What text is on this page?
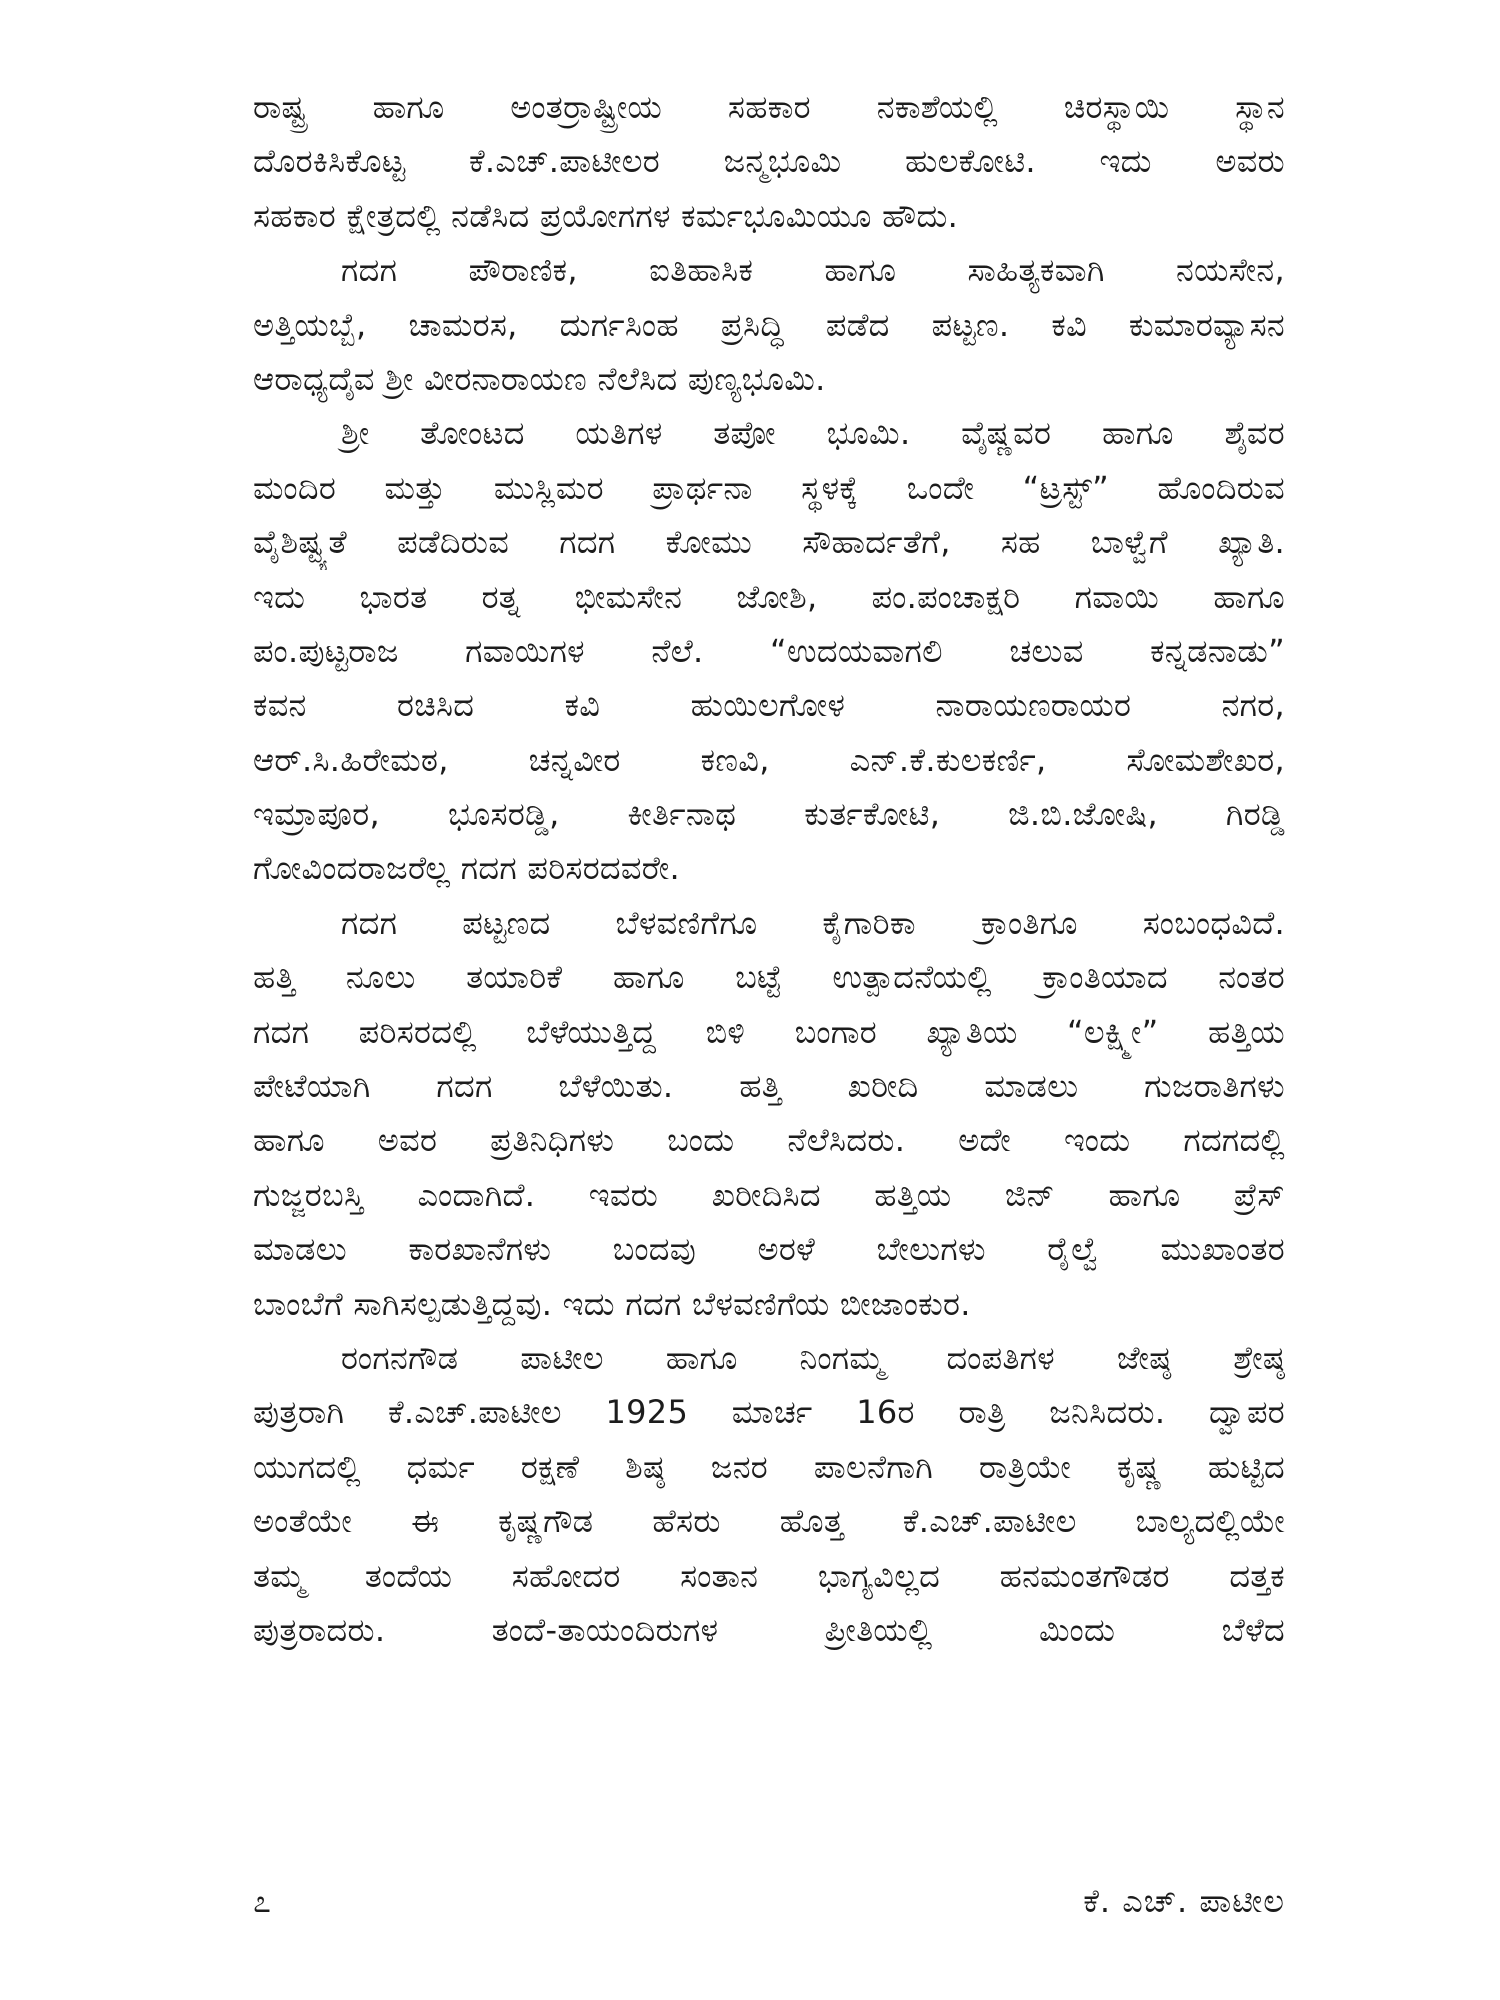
ರಾಷ್ಟ್ರ ಹಾಗೂ ಅಂತರ್ರಾಷ್ಟ್ರೀಯ ಸಹಕಾರ ನಕಾಶೆಯಲ್ಲಿ ಚಿರಸ್ಥಾಯಿ ಸ್ಥಾನ
ದೊರಕಿಸಿಕೊಟ್ಟ ಕೆ.ಎಚ್.ಪಾಟೀಲರ ಜನ್ಮಭೂಮಿ ಹುಲಕೋಟಿ. ಇದು ಅವರು
ಸಹಕಾರ ಕ್ಷೇತ್ರದಲ್ಲಿ ನಡೆಸಿದ ಪ್ರಯೋಗಗಳ ಕರ್ಮಭೂಮಿಯೂ ಹೌದು.
ಗದಗ ಪೌರಾಣಿಕ, ಐತಿಹಾಸಿಕ ಹಾಗೂ ಸಾಹಿತ್ಯಕವಾಗಿ ನಯಸೇನ,
ಅತ್ತಿಯಬ್ಬೆ, ಚಾಮರಸ, ದುರ್ಗಸಿಂಹ ಪ್ರಸಿದ್ಧಿ ಪಡೆದ ಪಟ್ಟಣ. ಕವಿ ಕುಮಾರವ್ಯಾಸನ
ಆರಾಧ್ಯದೈವ ಶ್ರೀ ವೀರನಾರಾಯಣ ನೆಲೆಸಿದ ಪುಣ್ಯಭೂಮಿ.
ಶ್ರೀ ತೋಂಟದ ಯತಿಗಳ ತಪೋ ಭೂಮಿ. ವೈಷ್ಣವರ ಹಾಗೂ ಶೈವರ
ಮಂದಿರ ಮತ್ತು ಮುಸ್ಲಿಮರ ಪ್ರಾರ್ಥನಾ ಸ್ಥಳಕ್ಕೆ ಒಂದೇ “ಟ್ರಸ್ಟ್” ಹೊಂದಿರುವ
ವೈಶಿಷ್ಟ್ಯತೆ ಪಡೆದಿರುವ ಗದಗ ಕೋಮು ಸೌಹಾರ್ದತೆಗೆ, ಸಹ ಬಾಳ್ವೆಗೆ ಖ್ಯಾತಿ.
ಇದು ಭಾರತ ರತ್ನ ಭೀಮಸೇನ ಜೋಶಿ, ಪಂ.ಪಂಚಾಕ್ಷರಿ ಗವಾಯಿ ಹಾಗೂ
ಪಂ.ಪುಟ್ಟರಾಜ ಗವಾಯಿಗಳ ನೆಲೆ. “ಉದಯವಾಗಲಿ ಚಲುವ ಕನ್ನಡನಾಡು”
ಕವನ ರಚಿಸಿದ ಕವಿ ಹುಯಿಲಗೋಳ ನಾರಾಯಣರಾಯರ ನಗರ,
ಆರ್.ಸಿ.ಹಿರೇಮಠ, ಚನ್ನವೀರ ಕಣವಿ, ಎನ್.ಕೆ.ಕುಲಕರ್ಣಿ, ಸೋಮಶೇಖರ,
ಇಮ್ರಾಪೂರ, ಭೂಸರಡ್ಡಿ, ಕೀರ್ತಿನಾಥ ಕುರ್ತಕೋಟಿ, ಜಿ.ಬಿ.ಜೋಷಿ, ಗಿರಡ್ಡಿ
ಗೋವಿಂದರಾಜರೆಲ್ಲ ಗದಗ ಪರಿಸರದವರೇ.
ಗದಗ ಪಟ್ಟಣದ ಬೆಳವಣಿಗೆಗೂ ಕೈಗಾರಿಕಾ ಕ್ರಾಂತಿಗೂ ಸಂಬಂಧವಿದೆ.
ಹತ್ತಿ ನೂಲು ತಯಾರಿಕೆ ಹಾಗೂ ಬಟ್ಟೆ ಉತ್ಪಾದನೆಯಲ್ಲಿ ಕ್ರಾಂತಿಯಾದ ನಂತರ
ಗದಗ ಪರಿಸರದಲ್ಲಿ ಬೆಳೆಯುತ್ತಿದ್ದ ಬಿಳಿ ಬಂಗಾರ ಖ್ಯಾತಿಯ “ಲಕ್ಷ್ಮೀ” ಹತ್ತಿಯ
ಪೇಟೆಯಾಗಿ ಗದಗ ಬೆಳೆಯಿತು. ಹತ್ತಿ ಖರೀದಿ ಮಾಡಲು ಗುಜರಾತಿಗಳು
ಹಾಗೂ ಅವರ ಪ್ರತಿನಿಧಿಗಳು ಬಂದು ನೆಲೆಸಿದರು. ಅದೇ ಇಂದು ಗದಗದಲ್ಲಿ
ಗುಜ್ಜರಬಸ್ತಿ ಎಂದಾಗಿದೆ. ಇವರು ಖರೀದಿಸಿದ ಹತ್ತಿಯ ಜಿನ್ ಹಾಗೂ ಪ್ರೆಸ್
ಮಾಡಲು ಕಾರಖಾನೆಗಳು ಬಂದವು ಅರಳೆ ಬೇಲುಗಳು ರೈಲ್ವೆ ಮುಖಾಂತರ
ಬಾಂಬೆಗೆ ಸಾಗಿಸಲ್ಪಡುತ್ತಿದ್ದವು. ಇದು ಗದಗ ಬೆಳವಣಿಗೆಯ ಬೀಜಾಂಕುರ.
ರಂಗನಗೌಡ ಪಾಟೀಲ ಹಾಗೂ ನಿಂಗಮ್ಮ ದಂಪತಿಗಳ ಜೇಷ್ಠ ಶ್ರೇಷ್ಠ
ಪುತ್ರರಾಗಿ ಕೆ.ಎಚ್.ಪಾಟೀಲ 1925 ಮಾರ್ಚ 16ರ ರಾತ್ರಿ ಜನಿಸಿದರು. ದ್ವಾಪರ
ಯುಗದಲ್ಲಿ ಧರ್ಮ ರಕ್ಷಣೆ ಶಿಷ್ಠ ಜನರ ಪಾಲನೆಗಾಗಿ ರಾತ್ರಿಯೇ ಕೃಷ್ಣ ಹುಟ್ಟಿದ
ಅಂತೆಯೇ ಈ ಕೃಷ್ಣಗೌಡ ಹೆಸರು ಹೊತ್ತ ಕೆ.ಎಚ್.ಪಾಟೀಲ ಬಾಲ್ಯದಲ್ಲಿಯೇ
ತಮ್ಮ ತಂದೆಯ ಸಹೋದರ ಸಂತಾನ ಭಾಗ್ಯವಿಲ್ಲದ ಹನಮಂತಗೌಡರ ದತ್ತಕ
ಪುತ್ರರಾದರು. ತಂದೆ-ತಾಯಂದಿರುಗಳ ಪ್ರೀತಿಯಲ್ಲಿ ಮಿಂದು ಬೆಳೆದ
೭	ಕೆ. ಎಚ್. ಪಾಟೀಲ
